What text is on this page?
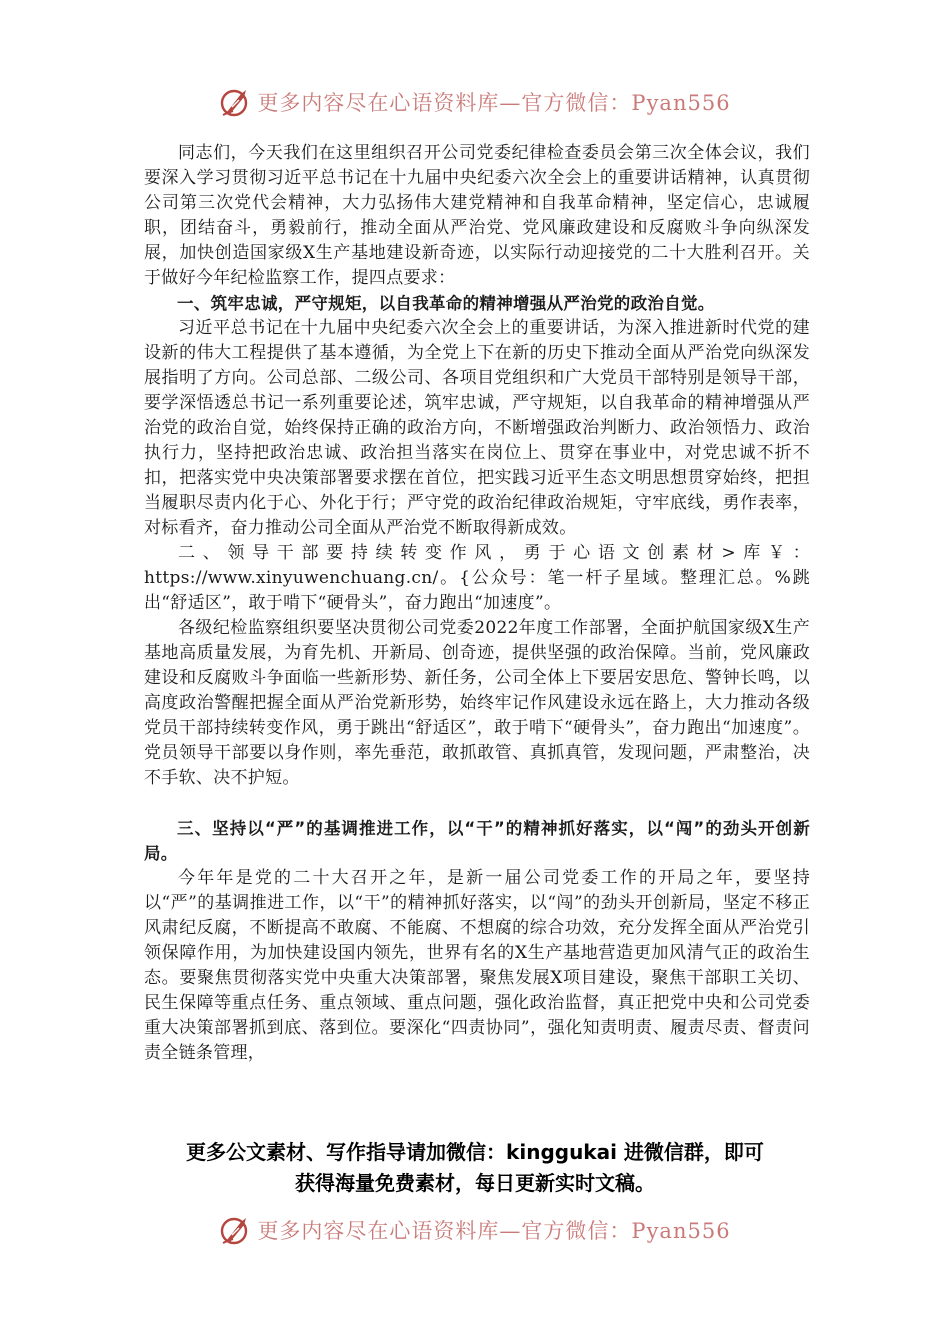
更多内容尽在心语资料库—官方微信：Pyan556

同志们，今天我们在这里组织召开公司党委纪律检查委员会第三次全体会议，我们要深入学习贯彻习近平总书记在十九届中央纪委六次全会上的重要讲话精神，认真贯彻公司第三次党代会精神，大力弘扬伟大建党精神和自我革命精神，坚定信心，忠诚履职，团结奋斗，勇毅前行，推动全面从严治党、党风廉政建设和反腐败斗争向纵深发展，加快创造国家级X生产基地建设新奇迹，以实际行动迎接党的二十大胜利召开。关于做好今年纪检监察工作，提四点要求：

一、筑牢忠诚，严守规矩，以自我革命的精神增强从严治党的政治自觉。

习近平总书记在十九届中央纪委六次全会上的重要讲话，为深入推进新时代党的建设新的伟大工程提供了基本遵循，为全党上下在新的历史下推动全面从严治党向纵深发展指明了方向。公司总部、二级公司、各项目党组织和广大党员干部特别是领导干部，要学深悟透总书记一系列重要论述，筑牢忠诚，严守规矩，以自我革命的精神增强从严治党的政治自觉，始终保持正确的政治方向，不断增强政治判断力、政治领悟力、政治执行力，坚持把政治忠诚、政治担当落实在岗位上、贯穿在事业中，对党忠诚不折不扣，把落实党中央决策部署要求摆在首位，把实践习近平生态文明思想贯穿始终，把担当履职尽责内化于心、外化于行；严守党的政治纪律政治规矩，守牢底线，勇作表率，对标看齐，奋力推动公司全面从严治党不断取得新成效。

二、领导干部要持续转变作风，勇于心语文创素材>库￥：https://www.xinyuwenchuang.cn/。{公众号：笔一杆子星域。整理汇总。%跳出“舒适区”，敢于啃下“硬骨头”，奋力跑出“加速度”。

各级纪检监察组织要坚决贯彻公司党委2022年度工作部署，全面护航国家级X生产基地高质量发展，为育先机、开新局、创奇迹，提供坚强的政治保障。当前，党风廉政建设和反腐败斗争面临一些新形势、新任务，公司全体上下要居安思危、警钟长鸣，以高度政治警醒把握全面从严治党新形势，始终牢记作风建设永远在路上，大力推动各级党员干部持续转变作风，勇于跳出“舒适区”，敢于啃下“硬骨头”，奋力跑出“加速度”。党员领导干部要以身作则，率先垂范，敢抓敢管、真抓真管，发现问题，严肃整治，决不手软、决不护短。

三、坚持以“严”的基调推进工作，以“干”的精神抓好落实，以“闯”的劲头开创新局。

今年年是党的二十大召开之年，是新一届公司党委工作的开局之年，要坚持以“严”的基调推进工作，以“干”的精神抓好落实，以“闯”的劲头开创新局，坚定不移正风肃纪反腐，不断提高不敢腐、不能腐、不想腐的综合功效，充分发挥全面从严治党引领保障作用，为加快建设国内领先，世界有名的X生产基地营造更加风清气正的政治生态。要聚焦贯彻落实党中央重大决策部署，聚焦发展X项目建设，聚焦干部职工关切、民生保障等重点任务、重点领域、重点问题，强化政治监督，真正把党中央和公司党委重大决策部署抓到底、落到位。要深化“四责协同”，强化知责明责、履责尽责、督责问责全链条管理，

更多公文素材、写作指导请加微信：kinggukai 进微信群，即可
获得海量免费素材，每日更新实时文稿。
更多内容尽在心语资料库—官方微信：Pyan556
